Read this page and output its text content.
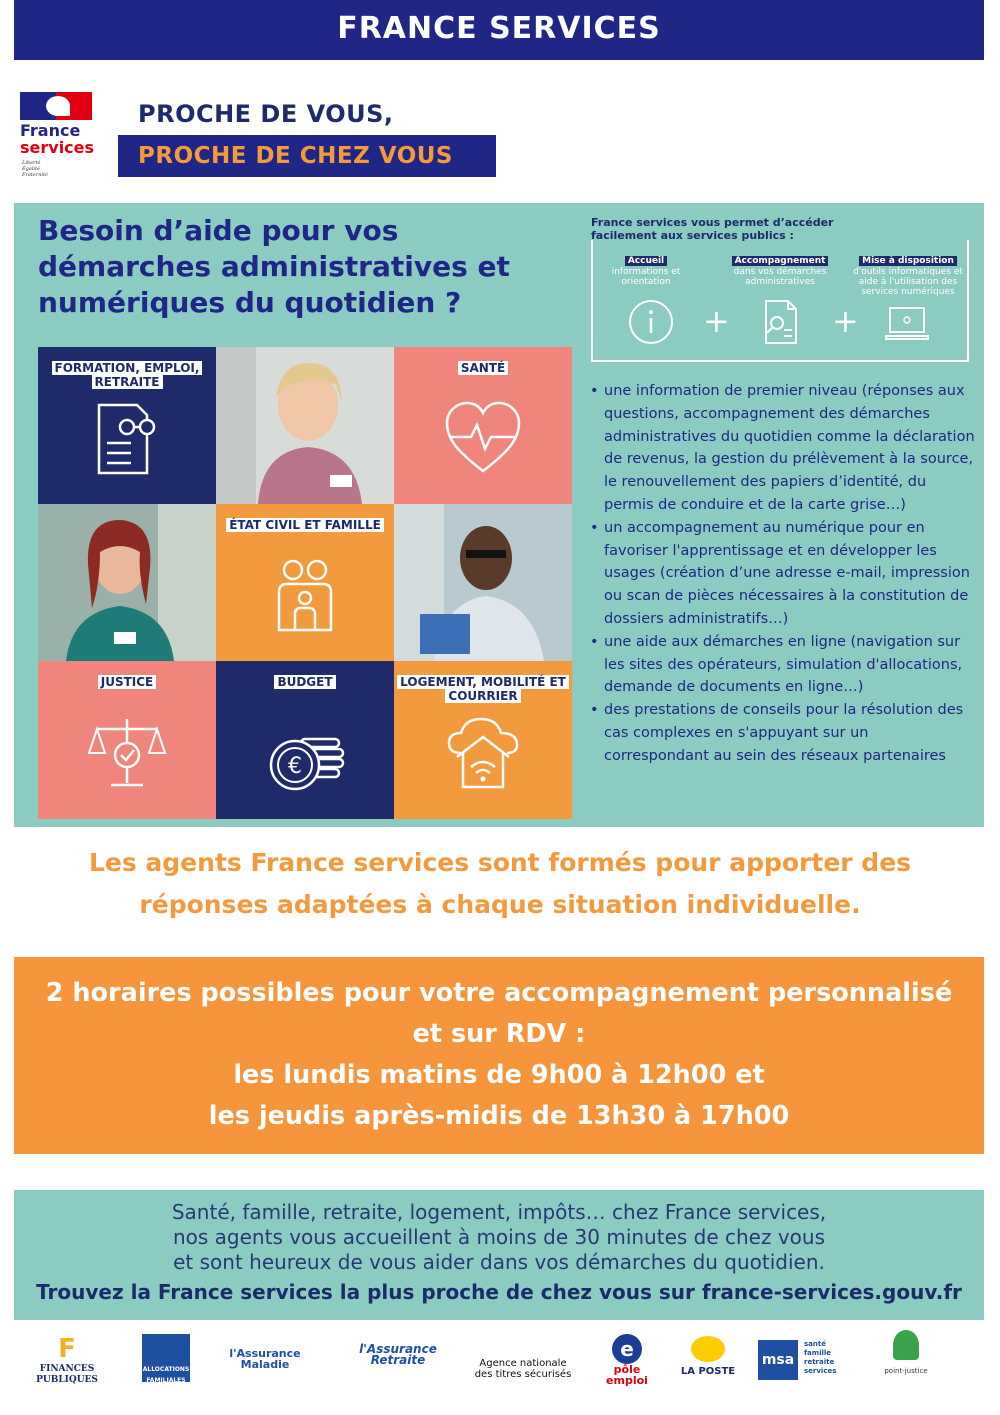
FRANCE SERVICES
France
services
Liberté
Égalité
Fraternité
PROCHE DE VOUS,
PROCHE DE CHEZ VOUS
Besoin d’aide pour vos démarches administratives et numériques du quotidien ?
France services vous permet d’accéder facilement aux services publics :
Accueil
informations et orientation
Accompagnement
dans vos démarches administratives
Mise à disposition
d'outils informatiques et aide à l'utilisation des services numériques
+	+
FORMATION, EMPLOI, RETRAITE
SANTÉ
ÉTAT CIVIL ET FAMILLE
JUSTICE	BUDGET
€
LOGEMENT, MOBILITÉ ET COURRIER
• une information de premier niveau (réponses aux questions, accompagnement des démarches administratives du quotidien comme la déclaration de revenus, la gestion du prélèvement à la source, le renouvellement des papiers d’identité, du permis de conduire et de la carte grise…)
• un accompagnement au numérique pour en favoriser l'apprentissage et en développer les usages (création d’une adresse e-mail, impression ou scan de pièces nécessaires à la constitution de dossiers administratifs…)
• une aide aux démarches en ligne (navigation sur les sites des opérateurs, simulation d'allocations, demande de documents en ligne…)
• des prestations de conseils pour la résolution des cas complexes en s'appuyant sur un correspondant au sein des réseaux partenaires
Les agents France services sont formés pour apporter des
réponses adaptées à chaque situation individuelle.
2 horaires possibles pour votre accompagnement personnalisé
et sur RDV :
les lundis matins de 9h00 à 12h00 et
les jeudis après-midis de 13h30 à 17h00
Santé, famille, retraite, logement, impôts… chez France services,
nos agents vous accueillent à moins de 30 minutes de chez vous
et sont heureux de vous aider dans vos démarches du quotidien.
Trouvez la France services la plus proche de chez vous sur france-services.gouv.fr
F
FINANCES PUBLIQUES
ALLOCATIONS FAMILIALES
l'Assurance Maladie
l'Assurance Retraite	Agence nationale des titres sécurisés
e
pôle emploi
LA POSTE
msa
santé famille retraite services	point-justice
